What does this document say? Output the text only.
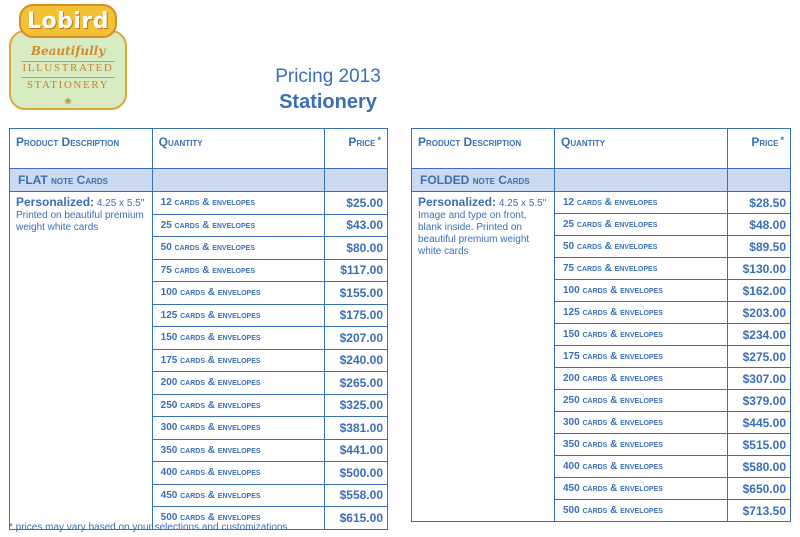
Lobird
Beautifully
ILLUSTRATED
STATIONERY
❀
Pricing 2013
Stationery
Product Description	Quantity	Price *
FLAT note Cards		
Personalized: 4.25 x 5.5"
Printed on beautiful premium weight white cards	12 cards & envelopes	$25.00
	25 cards & envelopes	$43.00
	50 cards & envelopes	$80.00
	75 cards & envelopes	$117.00
	100 cards & envelopes	$155.00
	125 cards & envelopes	$175.00
	150 cards & envelopes	$207.00
	175 cards & envelopes	$240.00
	200 cards & envelopes	$265.00
	250 cards & envelopes	$325.00
	300 cards & envelopes	$381.00
	350 cards & envelopes	$441.00
	400 cards & envelopes	$500.00
	450 cards & envelopes	$558.00
	500 cards & envelopes	$615.00
Product Description	Quantity	Price *
FOLDED note Cards		
Personalized: 4.25 x 5.5"
Image and type on front, blank inside. Printed on beautiful premium weight white cards	12 cards & envelopes	$28.50
	25 cards & envelopes	$48.00
	50 cards & envelopes	$89.50
	75 cards & envelopes	$130.00
	100 cards & envelopes	$162.00
	125 cards & envelopes	$203.00
	150 cards & envelopes	$234.00
	175 cards & envelopes	$275.00
	200 cards & envelopes	$307.00
	250 cards & envelopes	$379.00
	300 cards & envelopes	$445.00
	350 cards & envelopes	$515.00
	400 cards & envelopes	$580.00
	450 cards & envelopes	$650.00
	500 cards & envelopes	$713.50
* prices may vary based on your selections and customizations.
